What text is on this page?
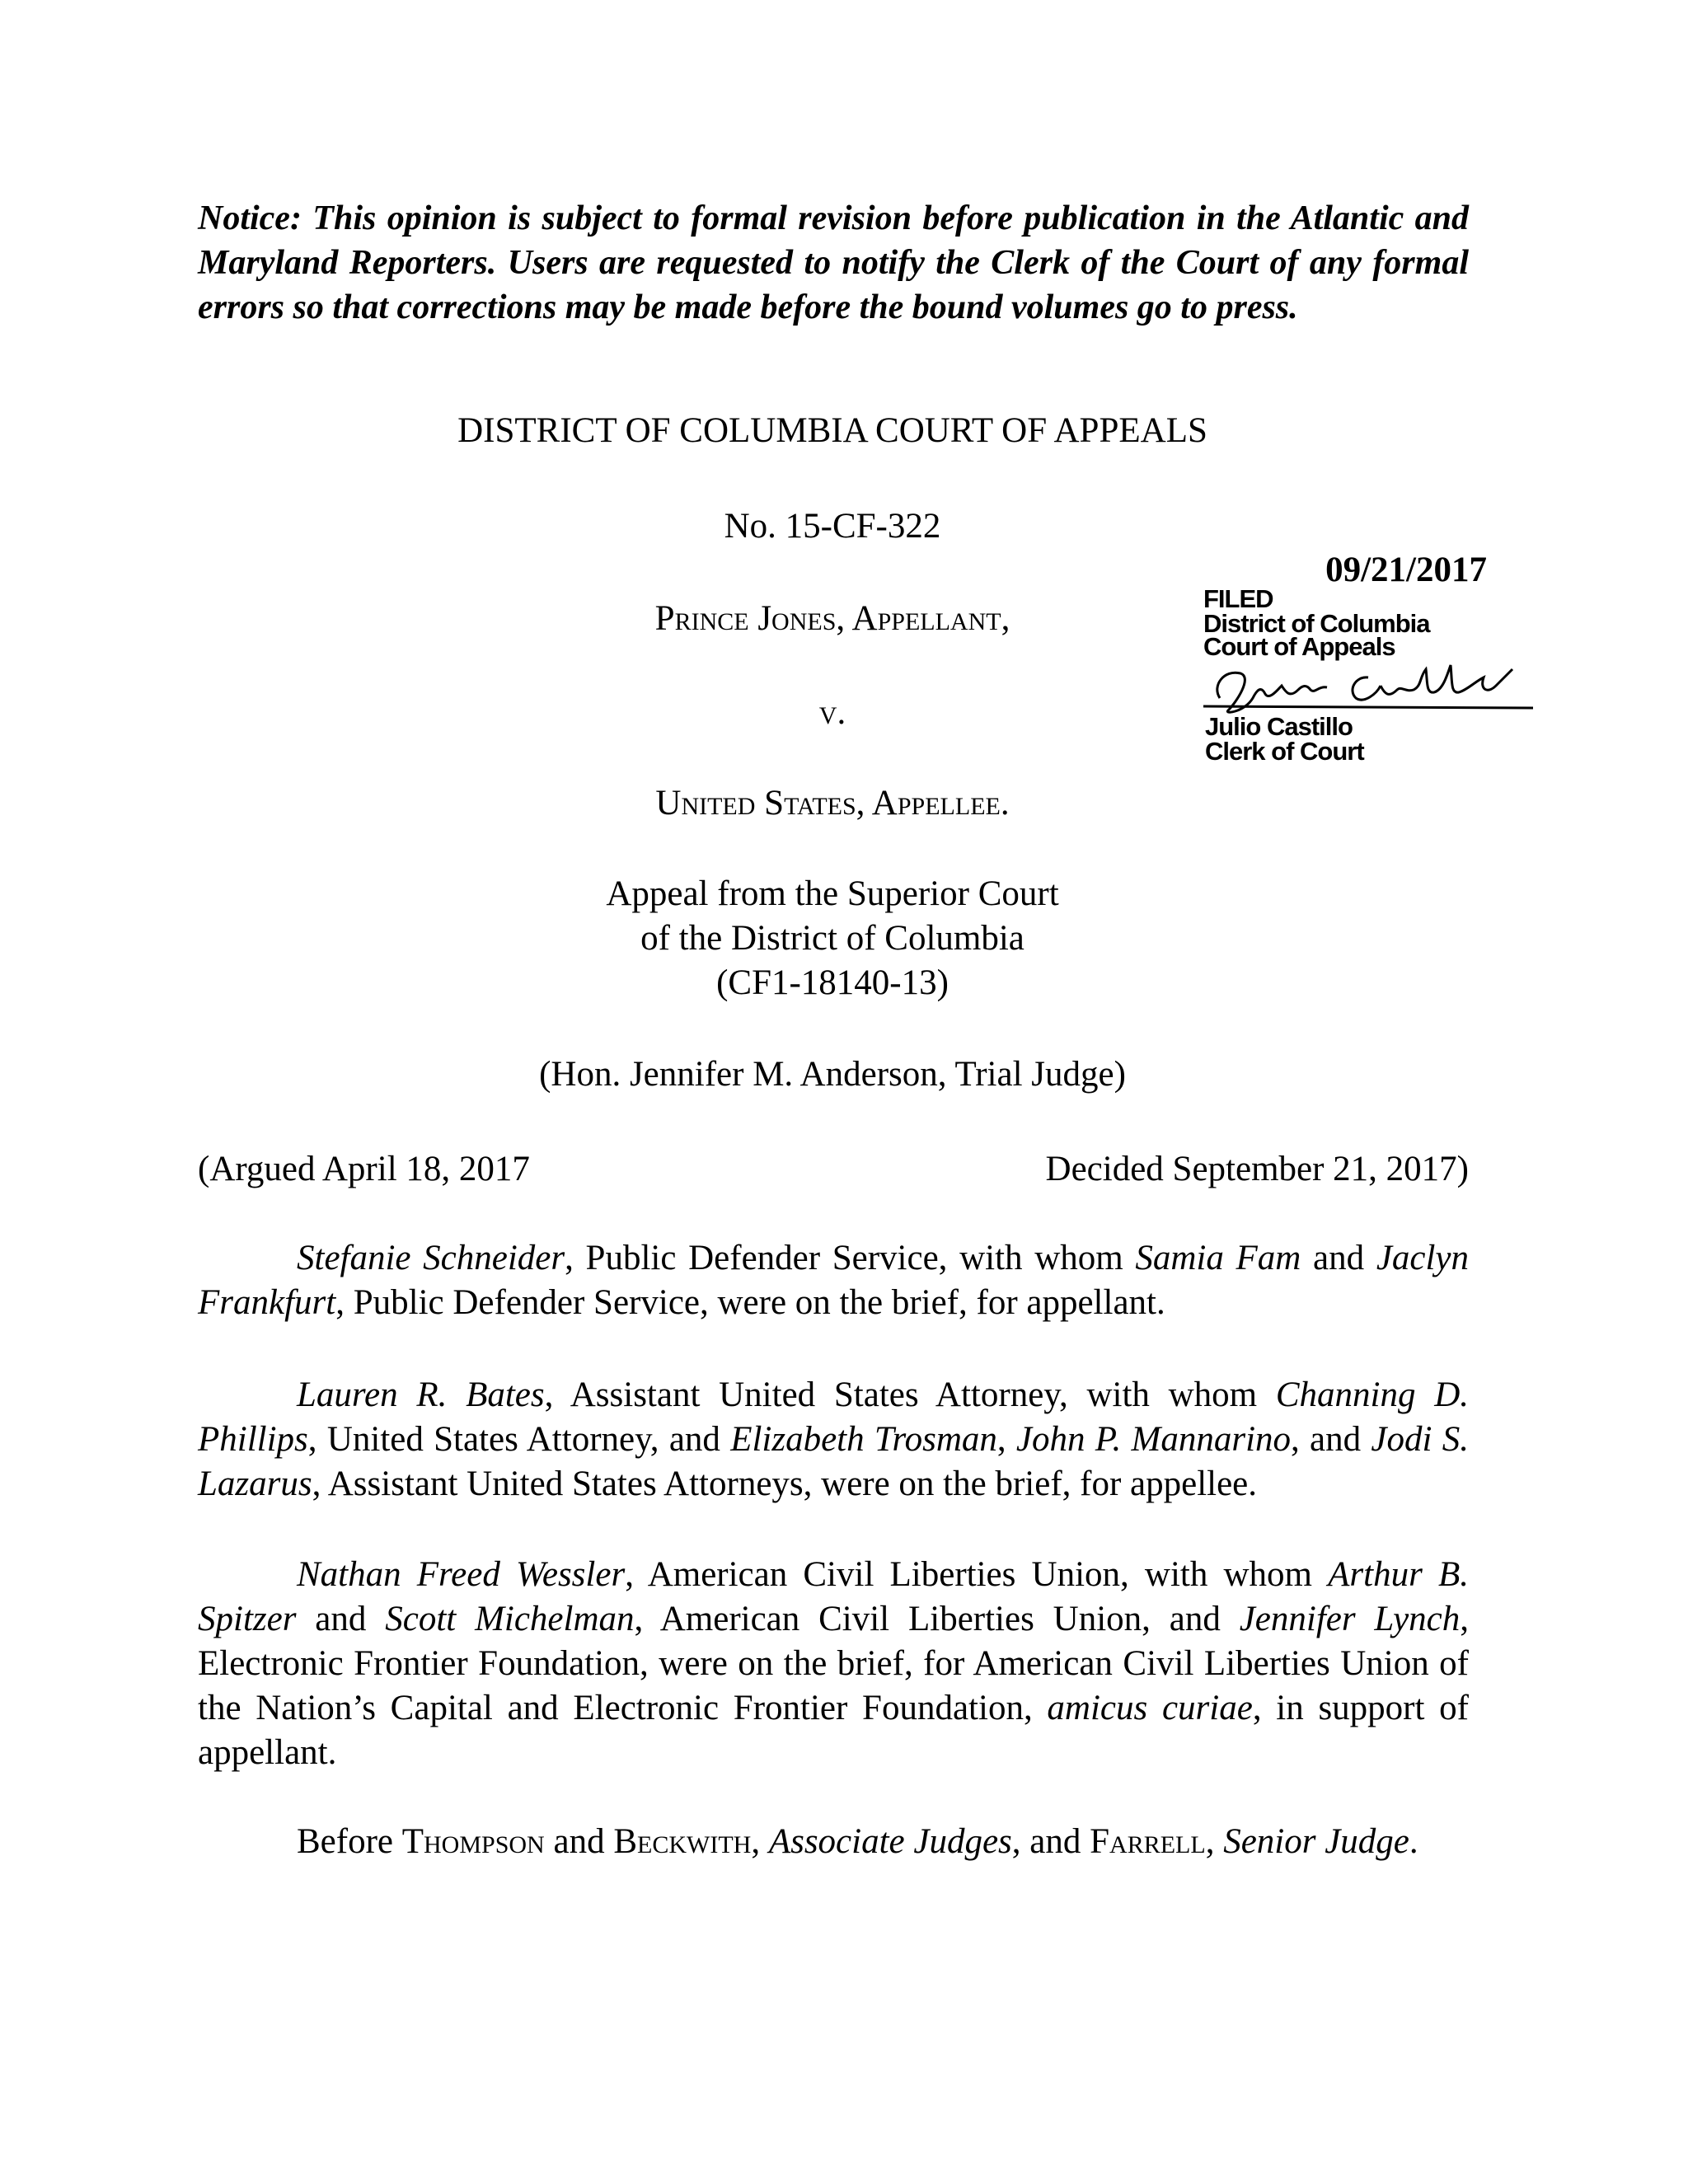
Notice: This opinion is subject to formal revision before publication in the Atlantic and Maryland Reporters. Users are requested to notify the Clerk of the Court of any formal errors so that corrections may be made before the bound volumes go to press.
DISTRICT OF COLUMBIA COURT OF APPEALS
No. 15-CF-322
Prince Jones, Appellant,
v.
United States, Appellee.
Appeal from the Superior Court
of the District of Columbia
(CF1-18140-13)
(Hon. Jennifer M. Anderson, Trial Judge)
(Argued April 18, 2017	Decided September 21, 2017)
09/21/2017
FILED
District of Columbia
Court of Appeals
Julio Castillo
Clerk of Court
Stefanie Schneider, Public Defender Service, with whom Samia Fam and Jaclyn Frankfurt, Public Defender Service, were on the brief, for appellant.
Lauren R. Bates, Assistant United States Attorney, with whom Channing D. Phillips, United States Attorney, and Elizabeth Trosman, John P. Mannarino, and Jodi S. Lazarus, Assistant United States Attorneys, were on the brief, for appellee.
Nathan Freed Wessler, American Civil Liberties Union, with whom Arthur B. Spitzer and Scott Michelman, American Civil Liberties Union, and Jennifer Lynch, Electronic Frontier Foundation, were on the brief, for American Civil Liberties Union of the Nation’s Capital and Electronic Frontier Foundation, amicus curiae, in support of appellant.
Before Thompson and Beckwith, Associate Judges, and Farrell, Senior Judge.
